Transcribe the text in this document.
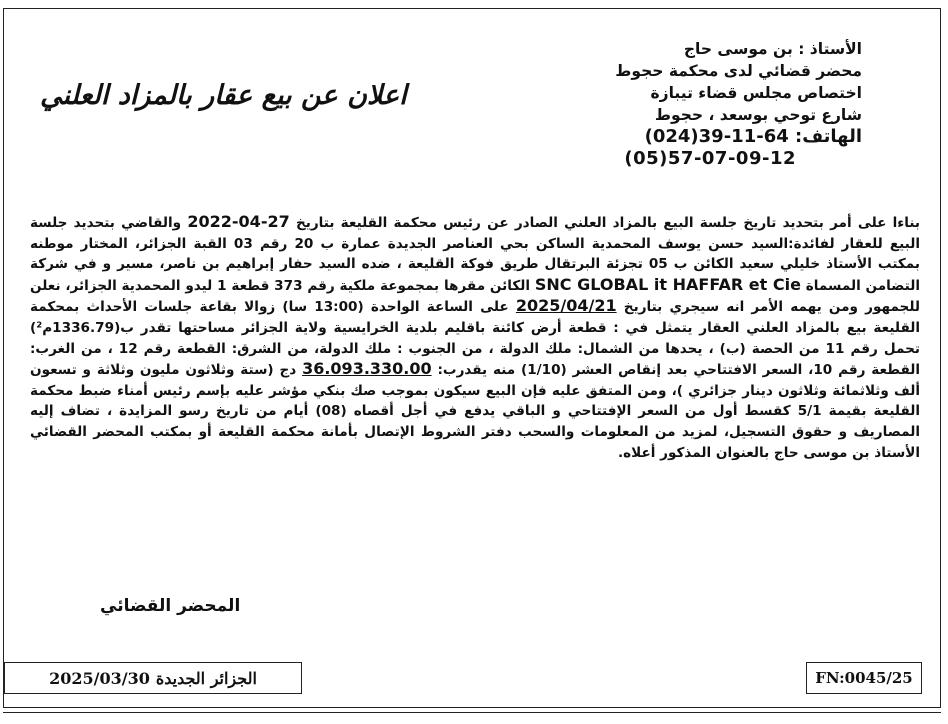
الأستاذ : بن موسى حاج
محضر قضائي لدى محكمة حجوط
اختصاص مجلس قضاء تيبازة
شارع توحي بوسعد ، حجوط
الهاتف: (024)39-11-64
(05)57-07-09-12
اعلان عن بيع عقار بالمزاد العلني
بناءا على أمر بتحديد تاريخ جلسة البيع بالمزاد العلني الصادر عن رئيس محكمة القليعة بتاريخ 2022-04-27 والقاضي بتحديد جلسة البيع للعقار لفائدة:السيد حسن يوسف المحمدية الساكن بحي العناصر الجديدة عمارة ب 20 رقم 03 القبة الجزائر، المختار موطنه بمكتب الأستاذ خليلي سعيد الكائن ب 05 تجزئة البرتقال طريق فوكة القليعة ، ضده السيد حفار إبراهيم بن ناصر، مسير و في شركة التضامن المسماة SNC GLOBAL it HAFFAR et Cie الكائن مقرها بمجموعة ملكية رقم 373 قطعة 1 ليدو المحمدية الجزائر، نعلن للجمهور ومن يهمه الأمر انه سيجري بتاريخ 2025/04/21 على الساعة الواحدة (13:00 سا) زوالا بقاعة جلسات الأحداث بمحكمة القليعة بيع بالمزاد العلني العقار يتمثل في : قطعة أرض كائنة باقليم بلدية الخرايسية ولاية الجزائر مساحتها تقدر ب(1336.79م²) تحمل رقم 11 من الحصة (ب) ، يحدها من الشمال: ملك الدولة ، من الجنوب : ملك الدولة، من الشرق: القطعة رقم 12 ، من الغرب: القطعة رقم 10، السعر الافتتاحي بعد إنقاص العشر (1/10) منه يقدرب: 36.093.330.00 دج (ستة وثلاثون مليون وثلاثة و تسعون ألف وثلاثمائة وثلاثون دينار جزائري )، ومن المتفق عليه فإن البيع سيكون بموجب صك بنكي مؤشر عليه بإسم رئيس أمناء ضبط محكمة القليعة بقيمة 5/1 كقسط أول من السعر الإفتتاحي و الباقي يدفع في أجل أقصاه (08) أيام من تاريخ رسو المزايدة ، تضاف إليه المصاريف و حقوق التسجيل، لمزيد من المعلومات والسحب دفتر الشروط الإتصال بأمانة محكمة القليعة أو بمكتب المحضر القضائي الأستاذ بن موسى حاج بالعنوان المذكور أعلاه.
المحضر القضائي
2025/03/30 الجزائر الجديدة	FN:0045/25
